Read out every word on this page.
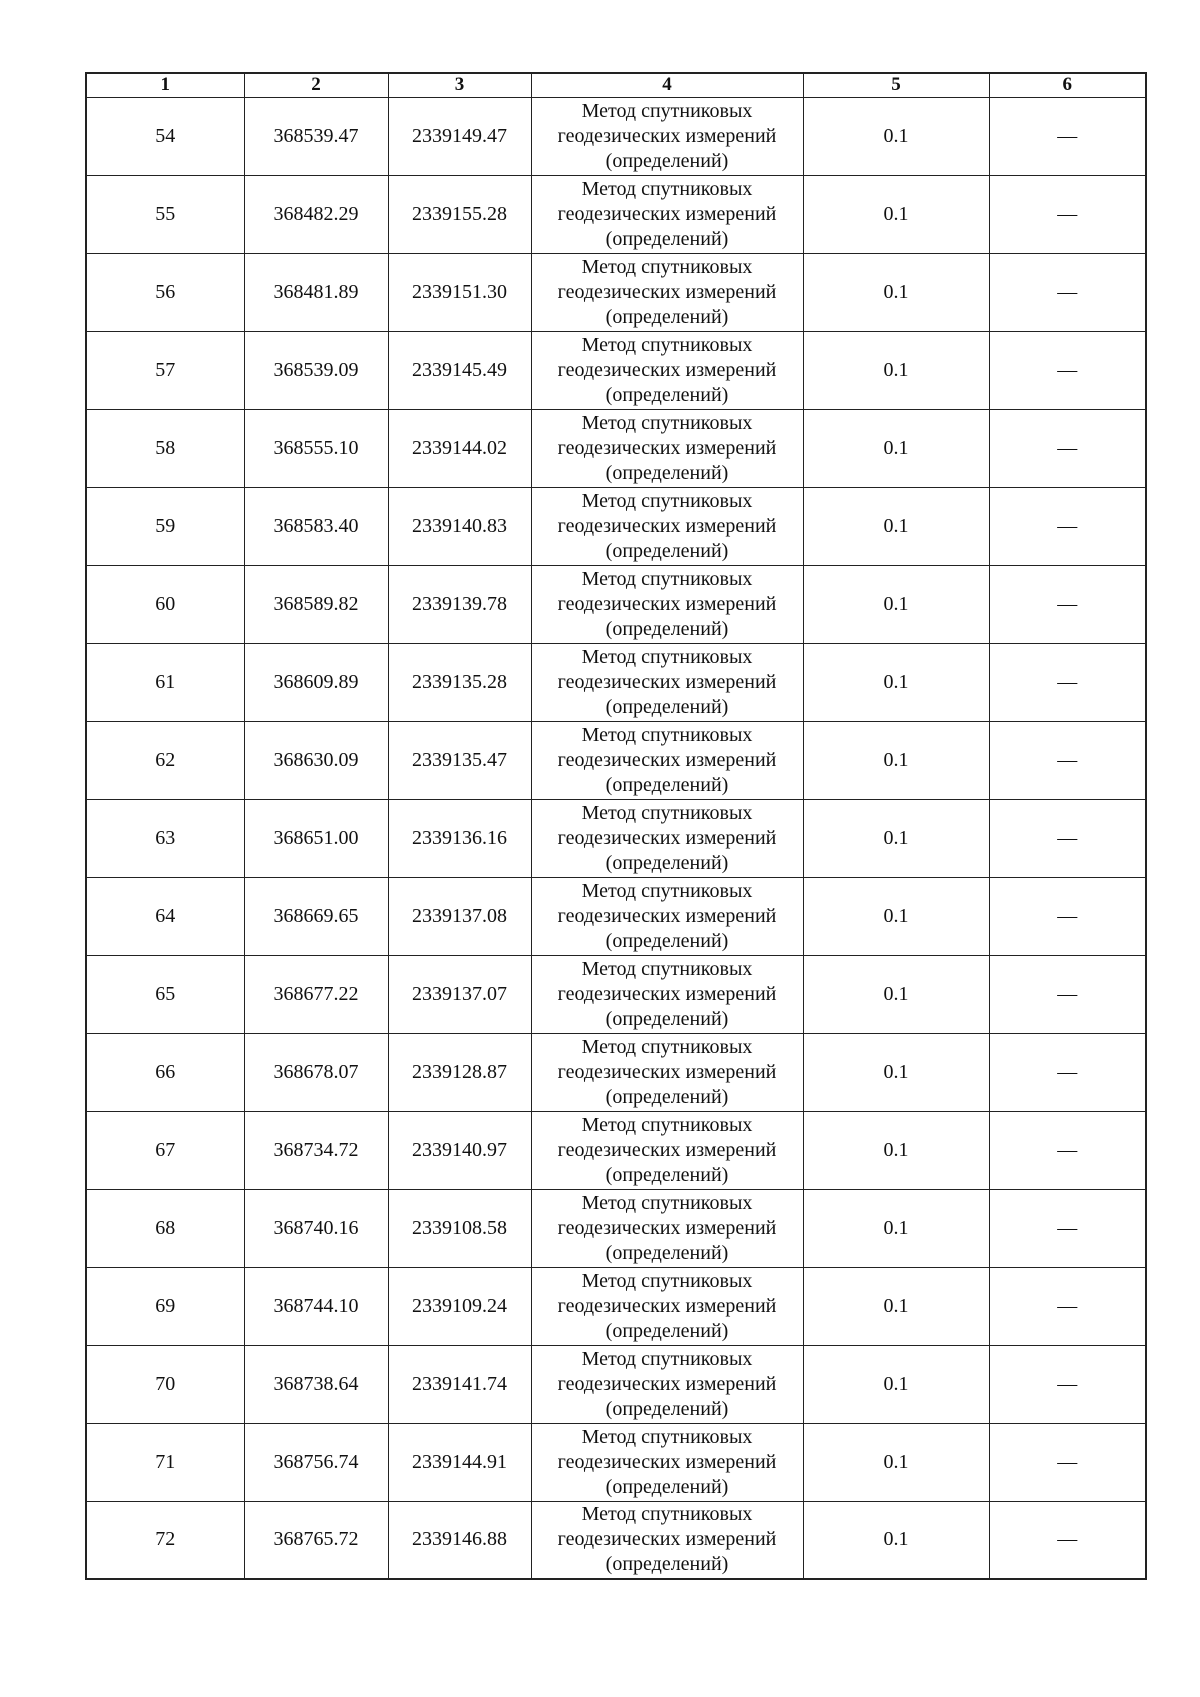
1	2	3	4	5	6
54	368539.47	2339149.47	Метод спутниковых
геодезических измерений
(определений)	0.1	—
55	368482.29	2339155.28	Метод спутниковых
геодезических измерений
(определений)	0.1	—
56	368481.89	2339151.30	Метод спутниковых
геодезических измерений
(определений)	0.1	—
57	368539.09	2339145.49	Метод спутниковых
геодезических измерений
(определений)	0.1	—
58	368555.10	2339144.02	Метод спутниковых
геодезических измерений
(определений)	0.1	—
59	368583.40	2339140.83	Метод спутниковых
геодезических измерений
(определений)	0.1	—
60	368589.82	2339139.78	Метод спутниковых
геодезических измерений
(определений)	0.1	—
61	368609.89	2339135.28	Метод спутниковых
геодезических измерений
(определений)	0.1	—
62	368630.09	2339135.47	Метод спутниковых
геодезических измерений
(определений)	0.1	—
63	368651.00	2339136.16	Метод спутниковых
геодезических измерений
(определений)	0.1	—
64	368669.65	2339137.08	Метод спутниковых
геодезических измерений
(определений)	0.1	—
65	368677.22	2339137.07	Метод спутниковых
геодезических измерений
(определений)	0.1	—
66	368678.07	2339128.87	Метод спутниковых
геодезических измерений
(определений)	0.1	—
67	368734.72	2339140.97	Метод спутниковых
геодезических измерений
(определений)	0.1	—
68	368740.16	2339108.58	Метод спутниковых
геодезических измерений
(определений)	0.1	—
69	368744.10	2339109.24	Метод спутниковых
геодезических измерений
(определений)	0.1	—
70	368738.64	2339141.74	Метод спутниковых
геодезических измерений
(определений)	0.1	—
71	368756.74	2339144.91	Метод спутниковых
геодезических измерений
(определений)	0.1	—
72	368765.72	2339146.88	Метод спутниковых
геодезических измерений
(определений)	0.1	—
